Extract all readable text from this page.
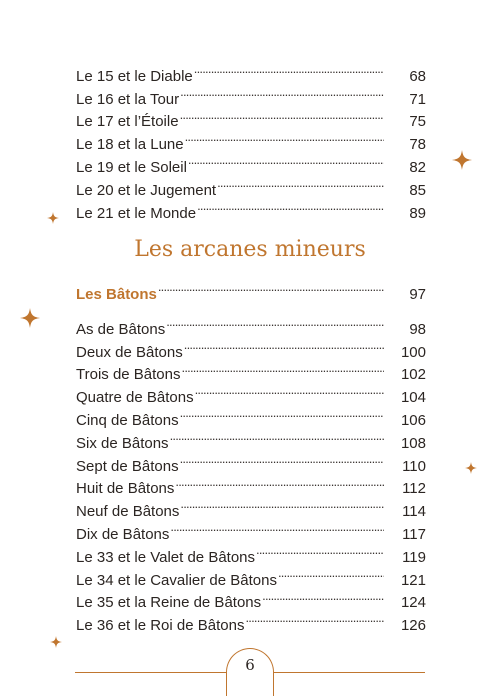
Le 15 et le Diable . . .	68
Le 16 et la Tour . . .	71
Le 17 et l’Étoile . . .	75
Le 18 et la Lune . . .	78
Le 19 et le Soleil . . .	82
Le 20 et le Jugement . . .	85
Le 21 et le Monde . . .	89
Les arcanes mineurs
Les Bâtons . . .	97
As de Bâtons . . .	98
Deux de Bâtons . . .	100
Trois de Bâtons . . .	102
Quatre de Bâtons . . .	104
Cinq de Bâtons . . .	106
Six de Bâtons . . .	108
Sept de Bâtons . . .	110
Huit de Bâtons . . .	112
Neuf de Bâtons . . .	114
Dix de Bâtons . . .	117
Le 33 et le Valet de Bâtons . . .	119
Le 34 et le Cavalier de Bâtons . . .	121
Le 35 et la Reine de Bâtons . . .	124
Le 36 et le Roi de Bâtons . . .	126
6
